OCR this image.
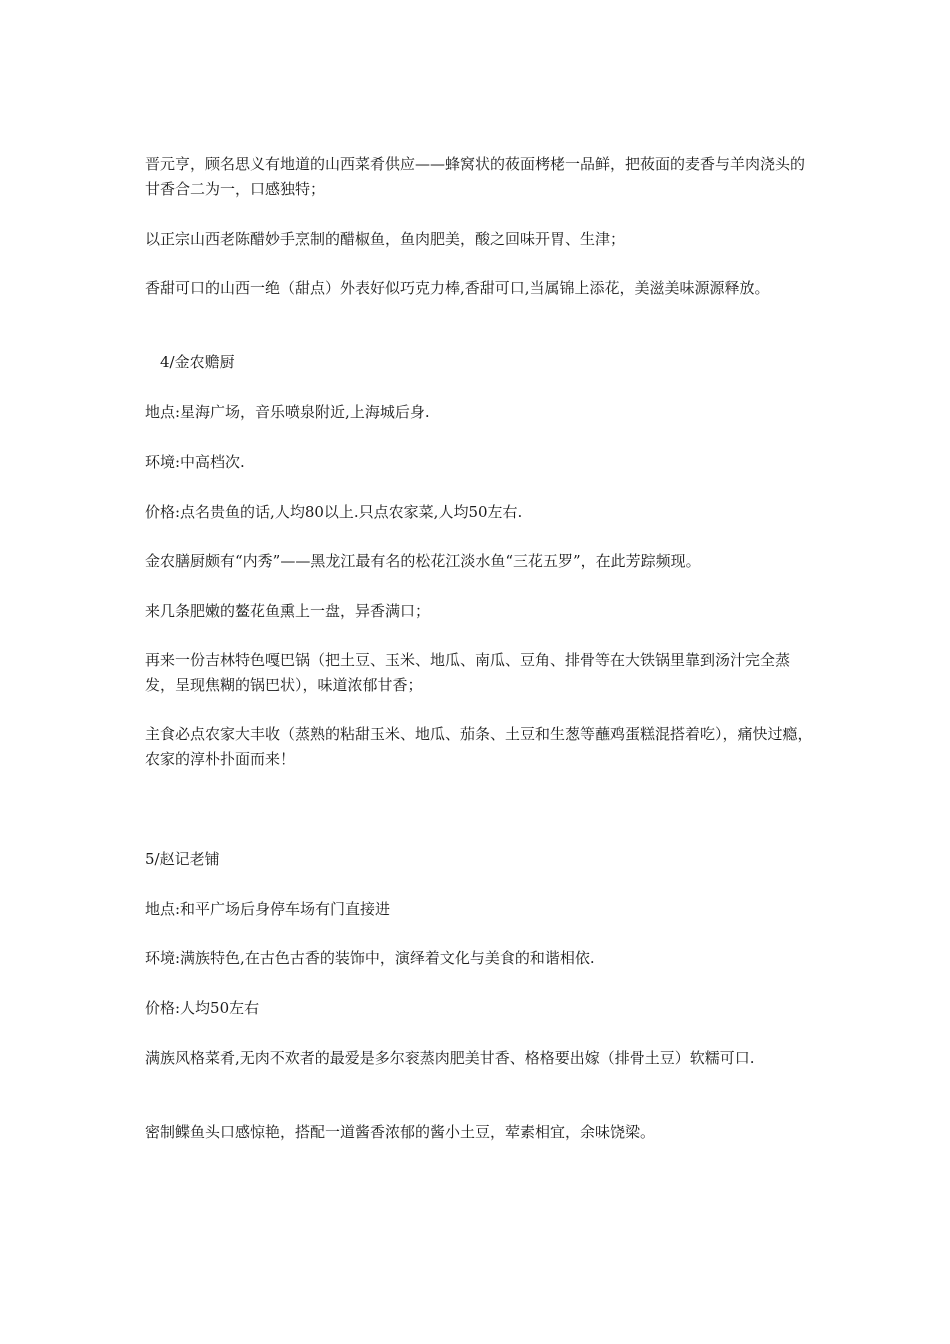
晋元亨，顾名思义有地道的山西菜肴供应——蜂窝状的莜面栲栳一品鲜，把莜面的麦香与羊肉浇头的甘香合二为一，口感独特；

以正宗山西老陈醋妙手烹制的醋椒鱼，鱼肉肥美，酸之回味开胃、生津；

香甜可口的山西一绝（甜点）外表好似巧克力棒,香甜可口,当属锦上添花，美滋美味源源释放。

4/金农赡厨

地点:星海广场，音乐喷泉附近,上海城后身.

环境:中高档次.

价格:点名贵鱼的话,人均80以上.只点农家菜,人均50左右.

金农膳厨颇有“内秀”——黑龙江最有名的松花江淡水鱼“三花五罗”，在此芳踪频现。

来几条肥嫩的鳌花鱼熏上一盘，异香满口；

再来一份吉林特色嘎巴锅（把土豆、玉米、地瓜、南瓜、豆角、排骨等在大铁锅里靠到汤汁完全蒸发，呈现焦糊的锅巴状），味道浓郁甘香；

主食必点农家大丰收（蒸熟的粘甜玉米、地瓜、茄条、土豆和生葱等蘸鸡蛋糕混搭着吃），痛快过瘾，农家的淳朴扑面而来！

5/赵记老铺

地点:和平广场后身停车场有门直接进

环境:满族特色,在古色古香的装饰中，演绎着文化与美食的和谐相依.

价格:人均50左右

满族风格菜肴,无肉不欢者的最爱是多尔衮蒸肉肥美甘香、格格要出嫁（排骨土豆）软糯可口.

密制鲽鱼头口感惊艳，搭配一道酱香浓郁的酱小土豆，荤素相宜，余味饶梁。
